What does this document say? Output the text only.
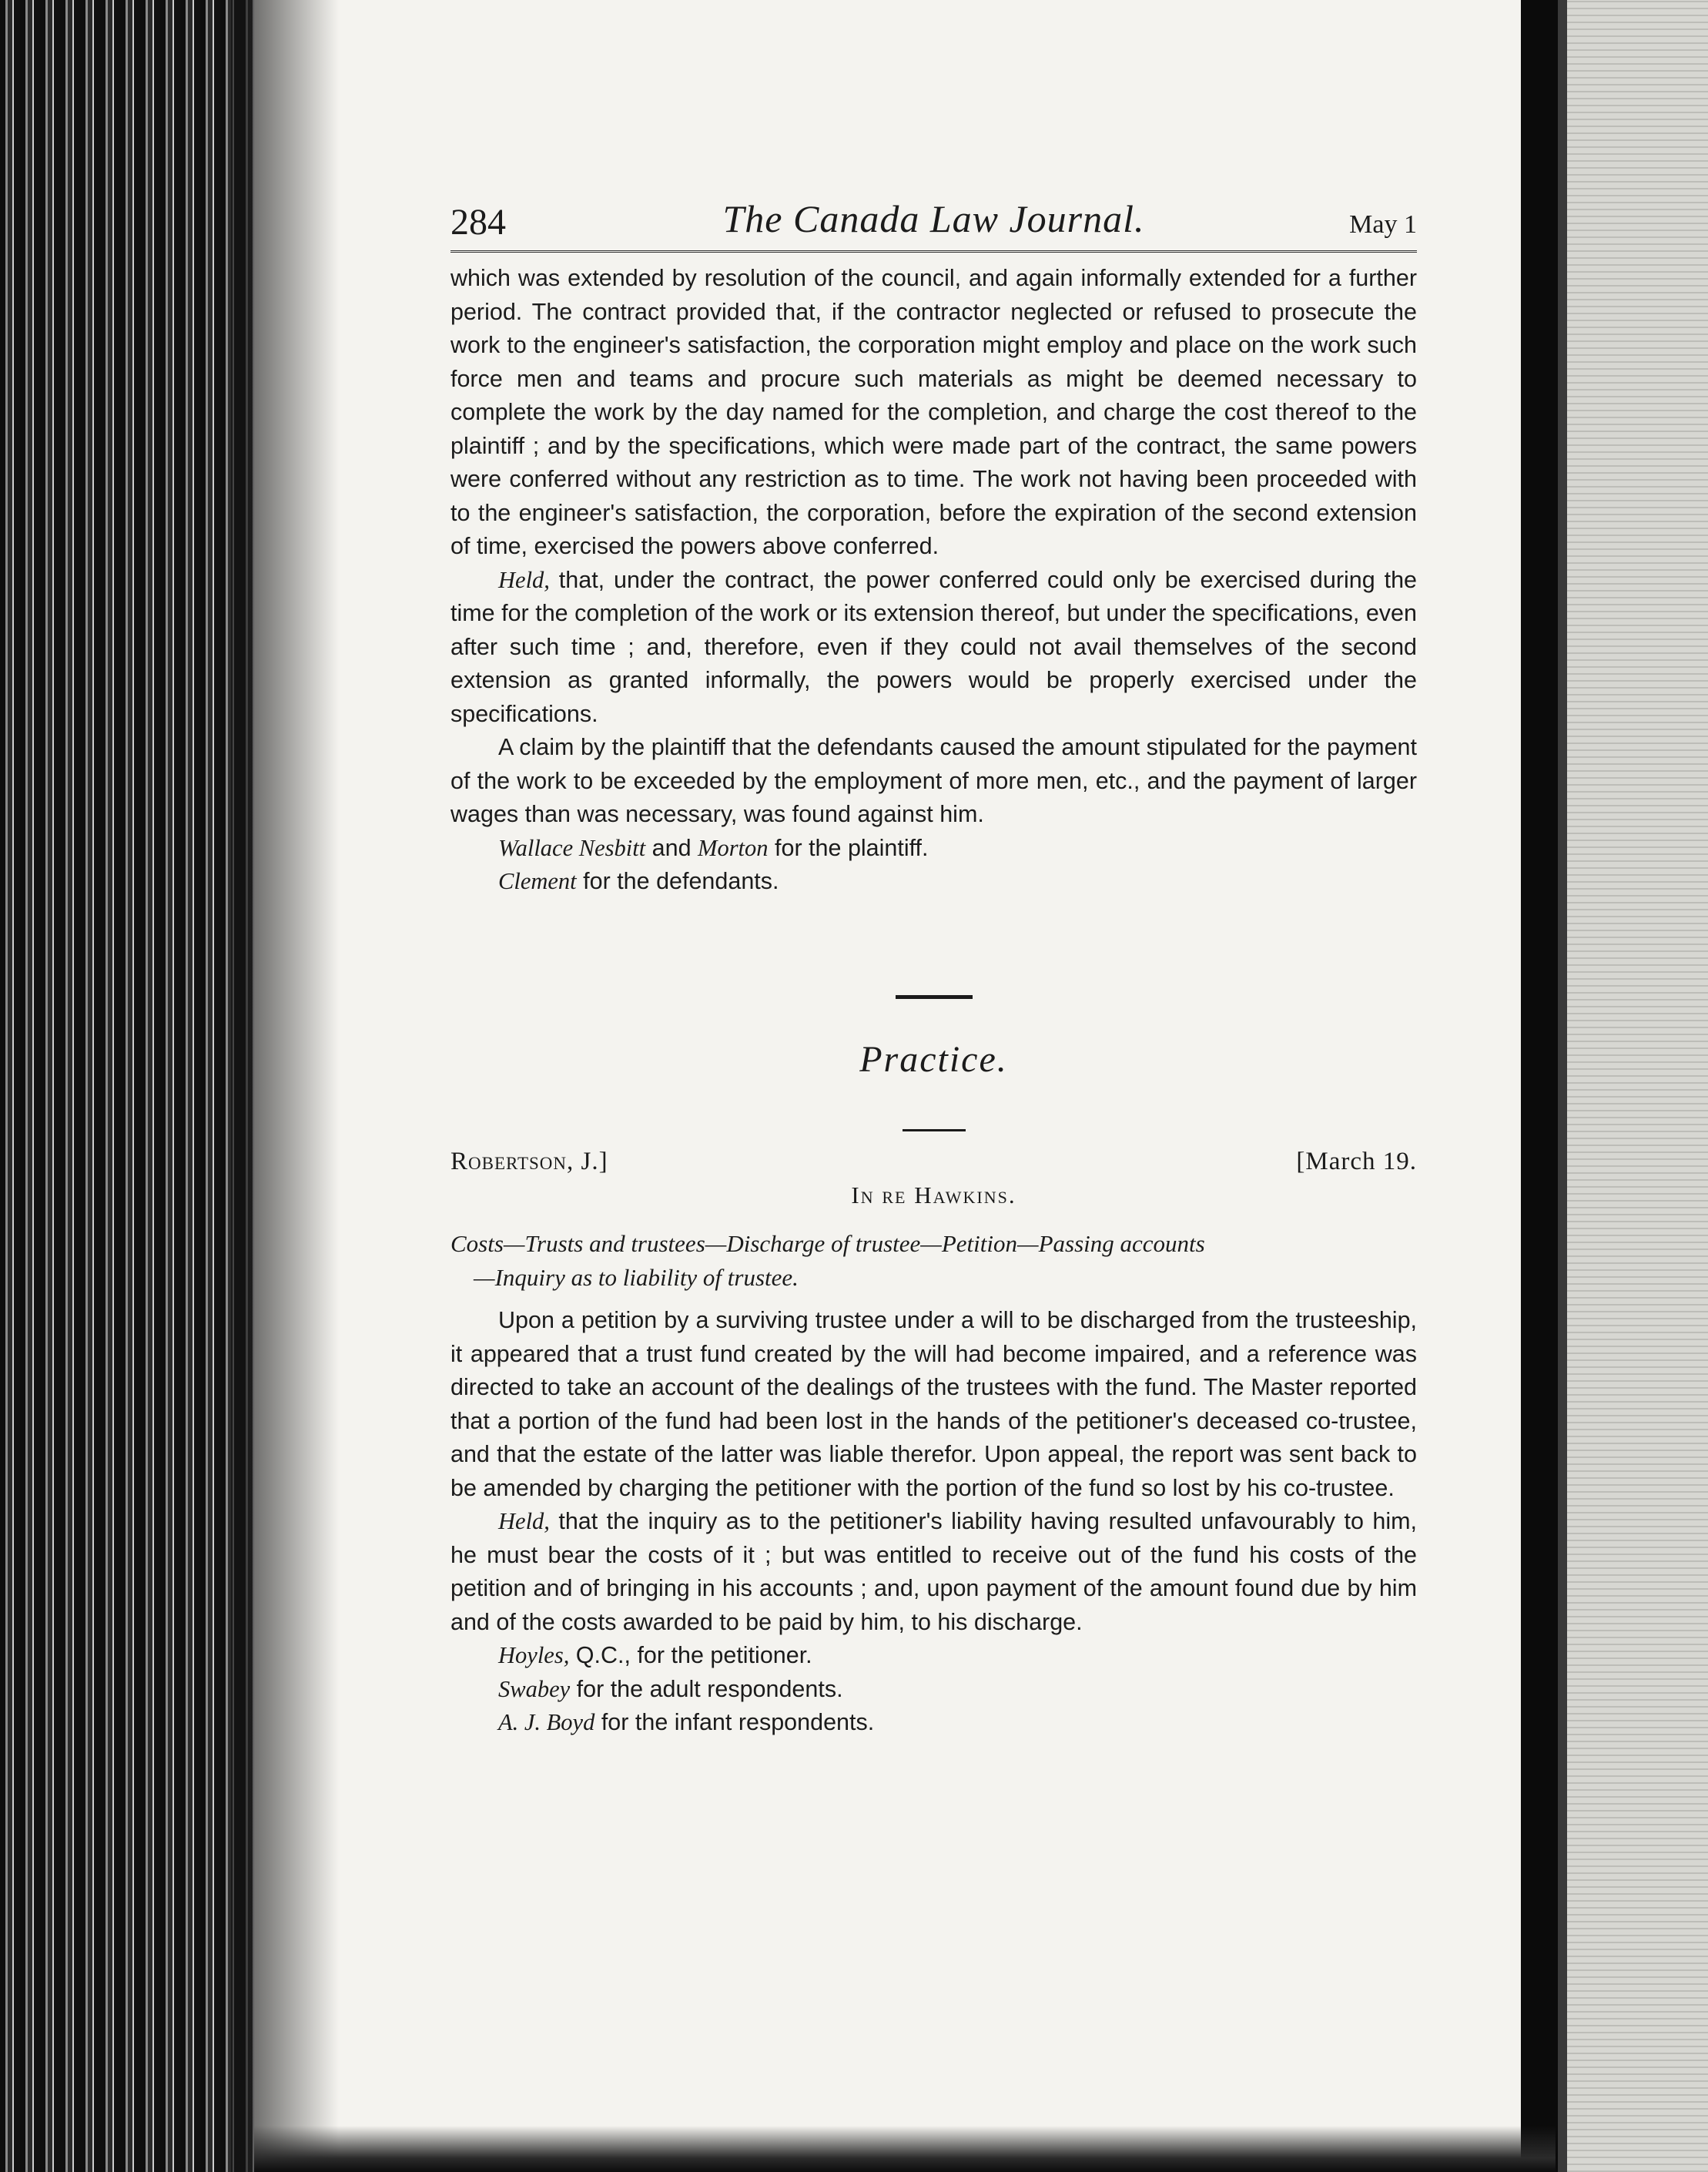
284	The Canada Law Journal.	May 1

which was extended by resolution of the council, and again informally extended for a further period. The contract provided that, if the contractor neglected or refused to prosecute the work to the engineer's satisfaction, the corporation might employ and place on the work such force men and teams and procure such materials as might be deemed necessary to complete the work by the day named for the completion, and charge the cost thereof to the plaintiff ; and by the specifications, which were made part of the contract, the same powers were conferred without any restriction as to time. The work not having been proceeded with to the engineer's satisfaction, the corporation, before the expiration of the second extension of time, exercised the powers above conferred.

Held, that, under the contract, the power conferred could only be exercised during the time for the completion of the work or its extension thereof, but under the specifications, even after such time ; and, therefore, even if they could not avail themselves of the second extension as granted informally, the powers would be properly exercised under the specifications.

A claim by the plaintiff that the defendants caused the amount stipulated for the payment of the work to be exceeded by the employment of more men, etc., and the payment of larger wages than was necessary, was found against him.

Wallace Nesbitt and Morton for the plaintiff.

Clement for the defendants.

Practice.
Robertson, J.]	[March 19.
In re Hawkins.
Costs—Trusts and trustees—Discharge of trustee—Petition—Passing accounts
—Inquiry as to liability of trustee.

Upon a petition by a surviving trustee under a will to be discharged from the trusteeship, it appeared that a trust fund created by the will had become impaired, and a reference was directed to take an account of the dealings of the trustees with the fund. The Master reported that a portion of the fund had been lost in the hands of the petitioner's deceased co-trustee, and that the estate of the latter was liable therefor. Upon appeal, the report was sent back to be amended by charging the petitioner with the portion of the fund so lost by his co-trustee.

Held, that the inquiry as to the petitioner's liability having resulted unfavourably to him, he must bear the costs of it ; but was entitled to receive out of the fund his costs of the petition and of bringing in his accounts ; and, upon payment of the amount found due by him and of the costs awarded to be paid by him, to his discharge.

Hoyles, Q.C., for the petitioner.

Swabey for the adult respondents.

A. J. Boyd for the infant respondents.
